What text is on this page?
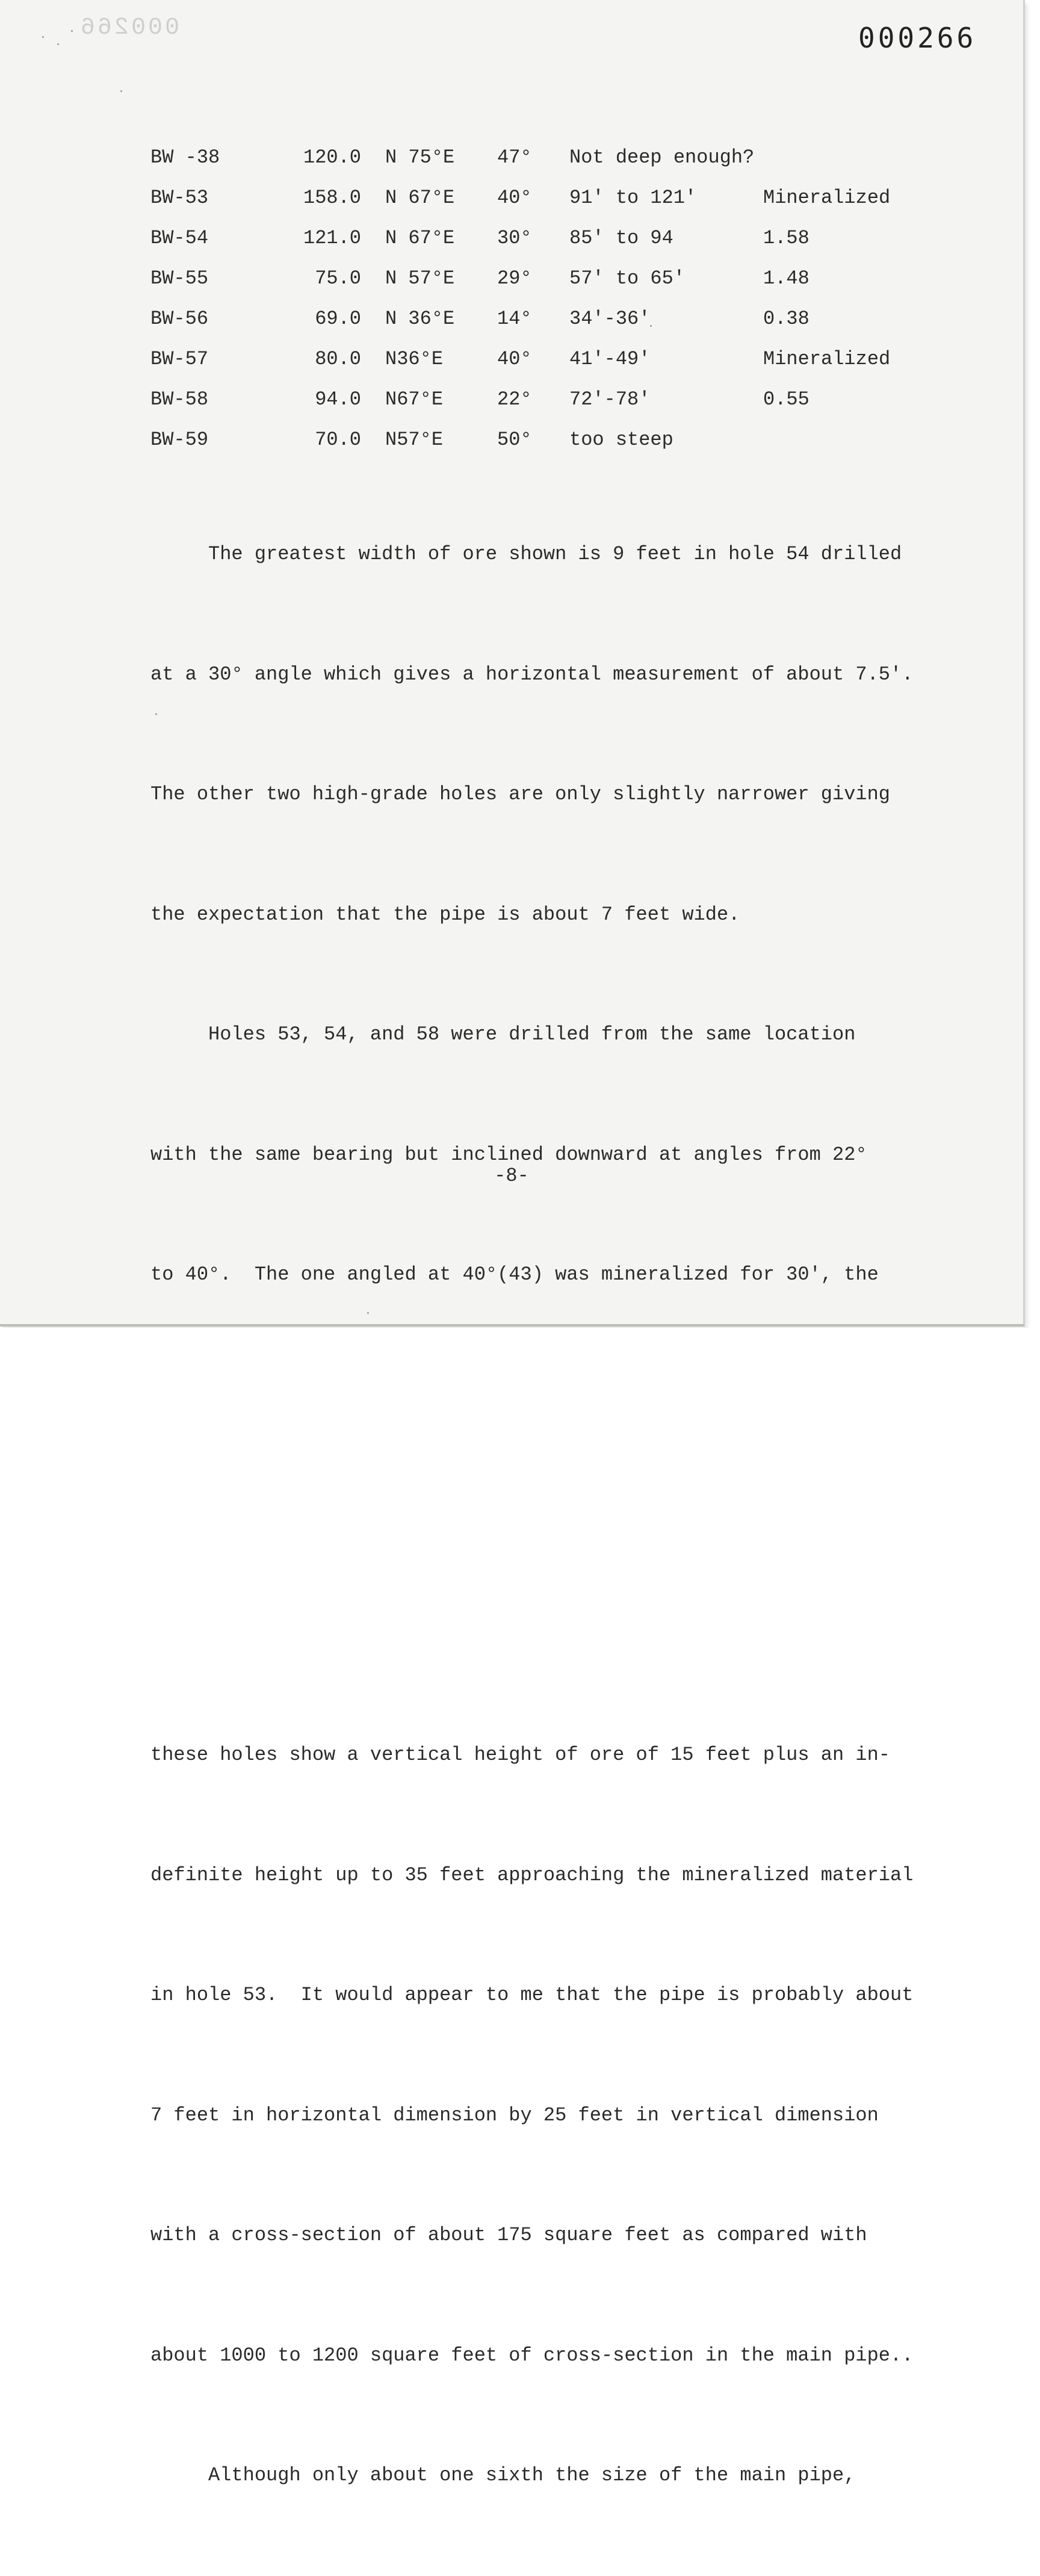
000266	000266
BW -38	120.0		N 75°E	47°	Not deep enough?	
BW-53	158.0		N 67°E	40°	91' to 121'	Mineralized
BW-54	121.0		N 67°E	30°	85' to 94	1.58
BW-55	75.0		N 57°E	29°	57' to 65'	1.48
BW-56	69.0		N 36°E	14°	34'-36'	0.38
BW-57	80.0		N36°E	40°	41'-49'	Mineralized
BW-58	94.0		N67°E	22°	72'-78'	0.55
BW-59	70.0		N57°E	50°	too steep	

The greatest width of ore shown is 9 feet in hole 54 drilled

at a 30° angle which gives a horizontal measurement of about 7.5'.

The other two high-grade holes are only slightly narrower giving

the expectation that the pipe is about 7 feet wide.

Holes 53, 54, and 58 were drilled from the same location

with the same bearing but inclined downward at angles from 22°

to 40°.  The one angled at 40°(43) was mineralized for 30', the

these holes show a vertical height of ore of 15 feet plus an in-

definite height up to 35 feet approaching the mineralized material

in hole 53.  It would appear to me that the pipe is probably about

7 feet in horizontal dimension by 25 feet in vertical dimension

with a cross-section of about 175 square feet as compared with

about 1000 to 1200 square feet of cross-section in the main pipe..

Although only about one sixth the size of the main pipe,

-8-
